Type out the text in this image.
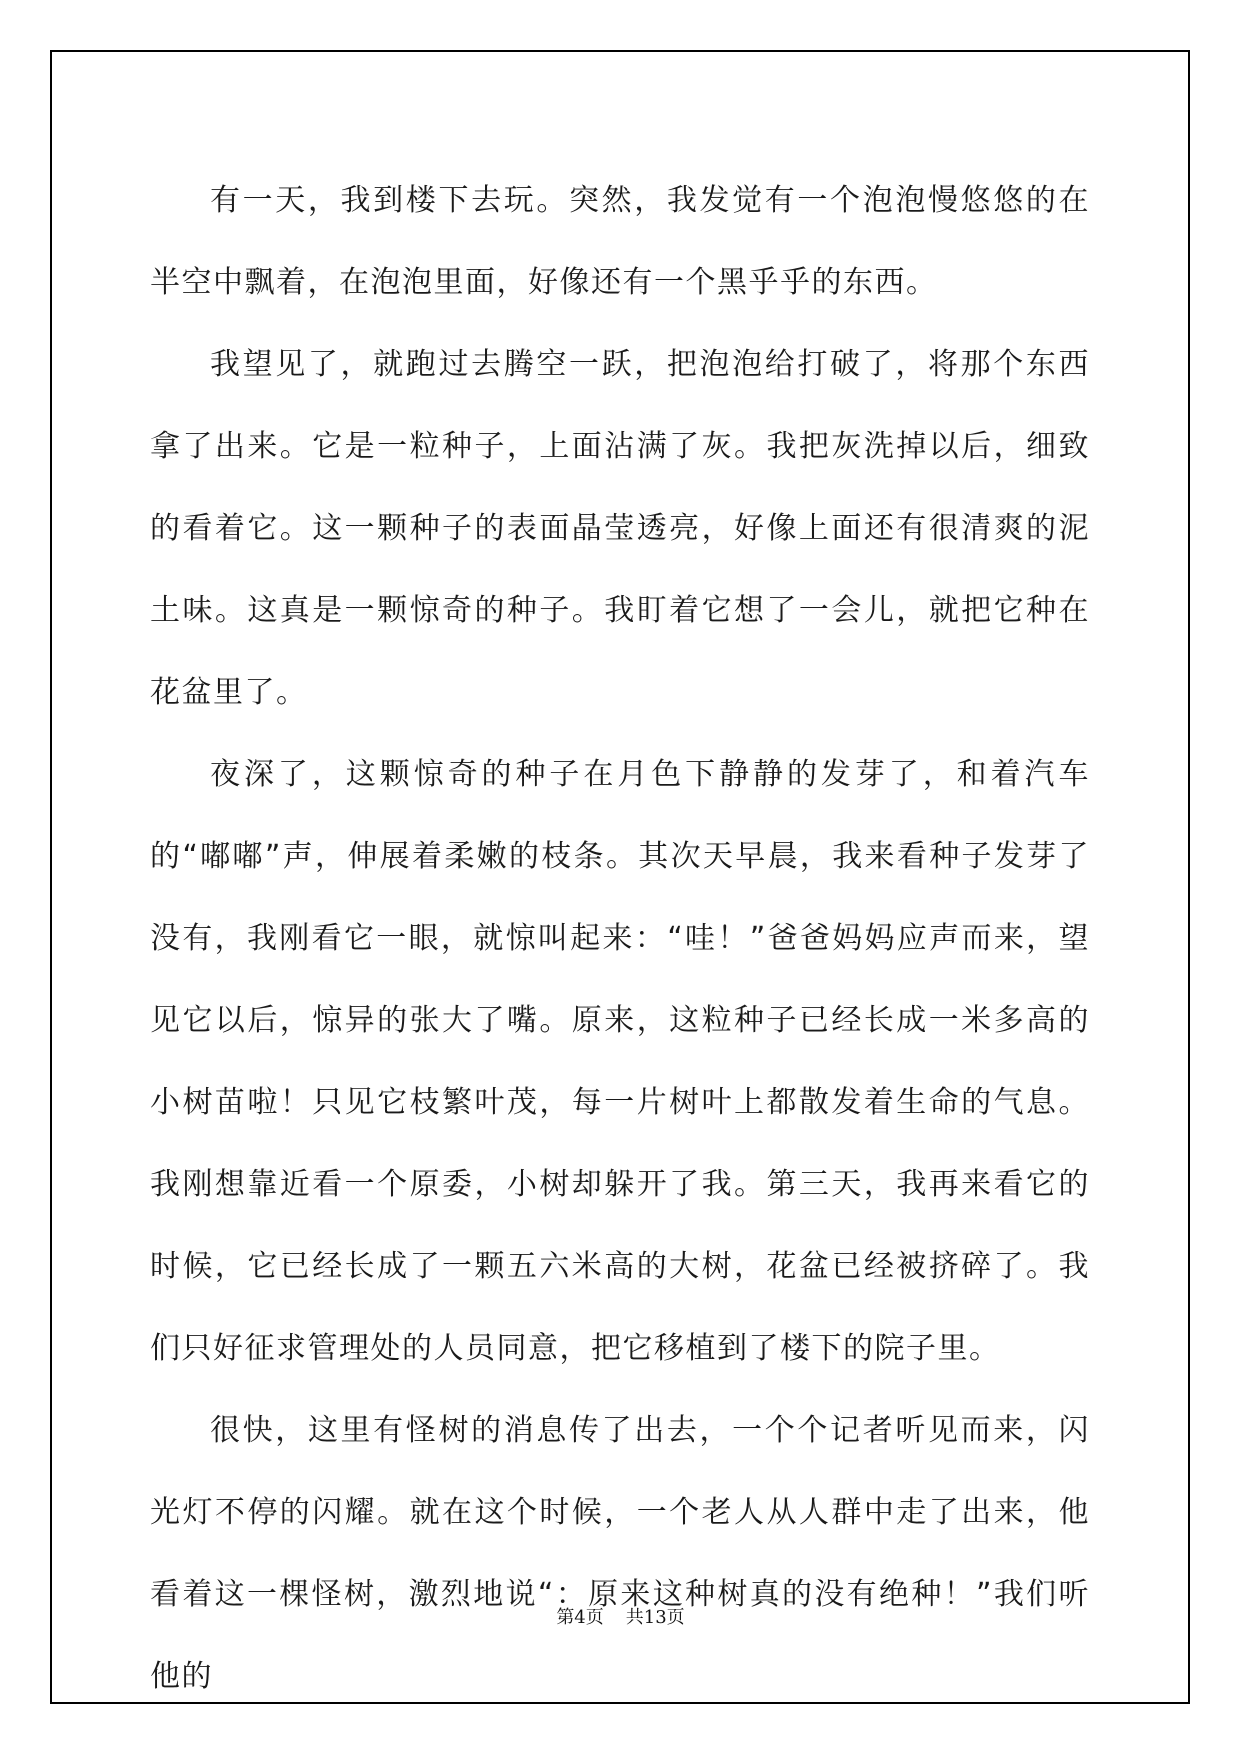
有一天，我到楼下去玩。突然，我发觉有一个泡泡慢悠悠的在半空中飘着，在泡泡里面，好像还有一个黑乎乎的东西。

我望见了，就跑过去腾空一跃，把泡泡给打破了，将那个东西拿了出来。它是一粒种子，上面沾满了灰。我把灰洗掉以后，细致的看着它。这一颗种子的表面晶莹透亮，好像上面还有很清爽的泥土味。这真是一颗惊奇的种子。我盯着它想了一会儿，就把它种在花盆里了。

夜深了，这颗惊奇的种子在月色下静静的发芽了，和着汽车的“嘟嘟”声，伸展着柔嫩的枝条。其次天早晨，我来看种子发芽了没有，我刚看它一眼，就惊叫起来：“哇！”爸爸妈妈应声而来，望见它以后，惊异的张大了嘴。原来，这粒种子已经长成一米多高的小树苗啦！只见它枝繁叶茂，每一片树叶上都散发着生命的气息。我刚想靠近看一个原委，小树却躲开了我。第三天，我再来看它的时候，它已经长成了一颗五六米高的大树，花盆已经被挤碎了。我们只好征求管理处的人员同意，把它移植到了楼下的院子里。

很快，这里有怪树的消息传了出去，一个个记者听见而来，闪光灯不停的闪耀。就在这个时候，一个老人从人群中走了出来，他看着这一棵怪树，激烈地说“：原来这种树真的没有绝种！”我们听他的

第4页 共13页
